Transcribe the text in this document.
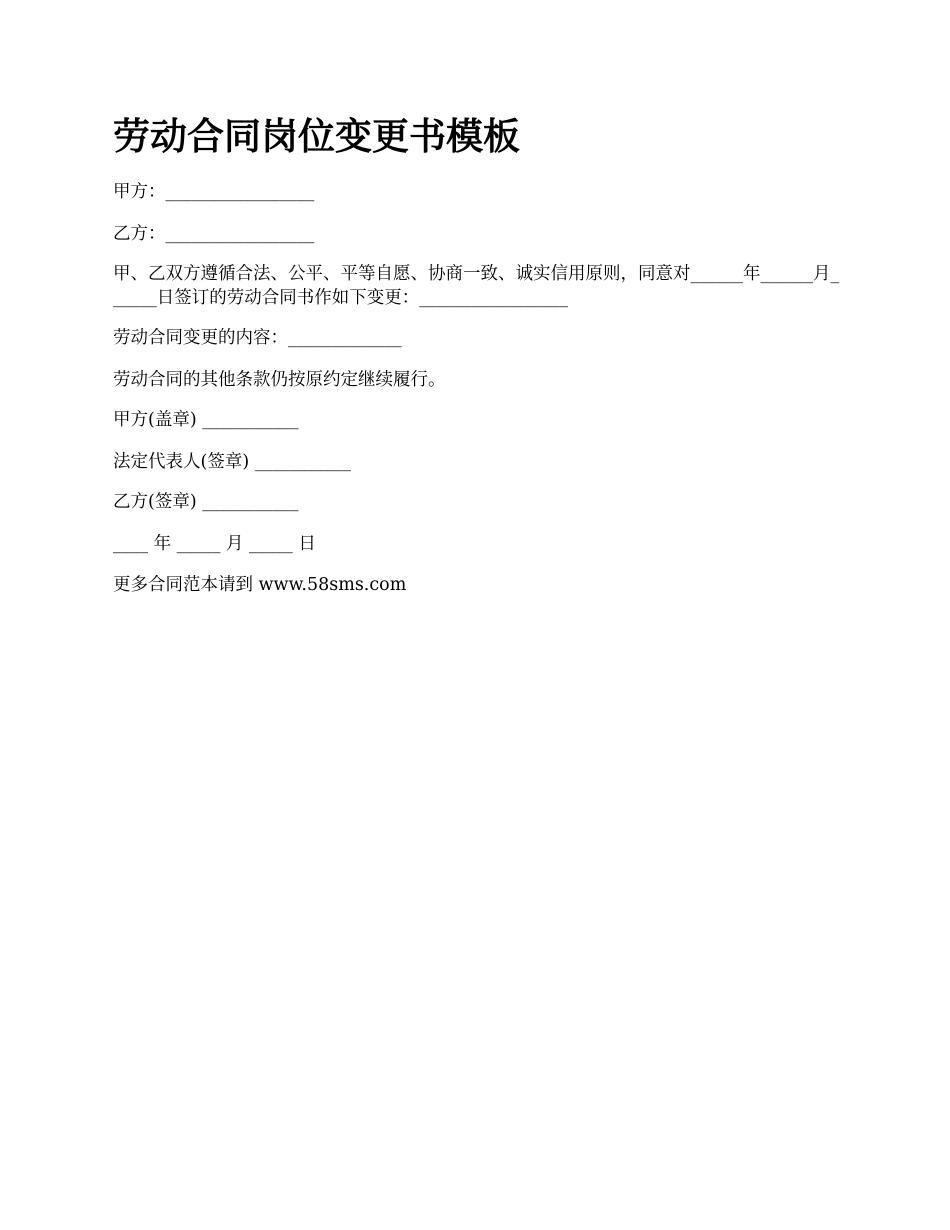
劳动合同岗位变更书模板

甲方：_________________

乙方：_________________

甲、乙双方遵循合法、公平、平等自愿、协商一致、诚实信用原则，同意对______年______月______日签订的劳动合同书作如下变更：_________________

劳动合同变更的内容：_____________

劳动合同的其他条款仍按原约定继续履行。

甲方(盖章) ___________

法定代表人(签章) ___________

乙方(签章) ___________

____ 年 _____ 月 _____ 日

更多合同范本请到 www.58sms.com
